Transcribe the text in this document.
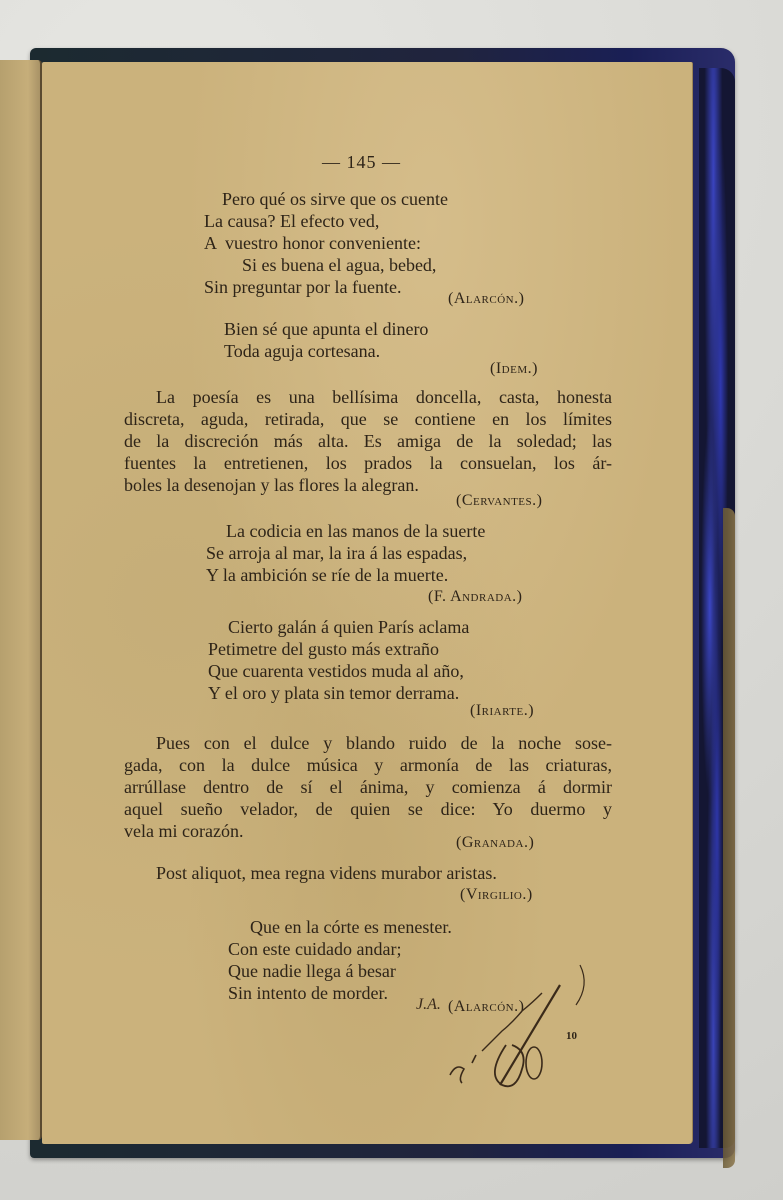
— 145 —
Pero qué os sirve que os cuente
La causa? El efecto ved,
A  vuestro honor conveniente:
Si es buena el agua, bebed,
Sin preguntar por la fuente.
(Alarcón.)
Bien sé que apunta el dinero
Toda aguja cortesana.
(Idem.)
La poesía es una bellísima doncella, casta, honesta
discreta, aguda, retirada, que se contiene en los límites
de la discreción más alta. Es amiga de la soledad; las
fuentes la entretienen, los prados la consuelan, los ár-
boles la desenojan y las flores la alegran.
(Cervantes.)
La codicia en las manos de la suerte
Se arroja al mar, la ira á las espadas,
Y la ambición se ríe de la muerte.
(F. Andrada.)
Cierto galán á quien París aclama
Petimetre del gusto más extraño
Que cuarenta vestidos muda al año,
Y el oro y plata sin temor derrama.
(Iriarte.)
Pues con el dulce y blando ruido de la noche sose-
gada, con la dulce música y armonía de las criaturas,
arrúllase dentro de sí el ánima, y comienza á dormir
aquel sueño velador, de quien se dice: Yo duermo y
vela mi corazón.
(Granada.)
Post aliquot, mea regna videns murabor aristas.
(Virgilio.)
Que en la córte es menester.
Con este cuidado andar;
Que nadie llega á besar
Sin intento de morder.
J.A. (Alarcón.)
10
